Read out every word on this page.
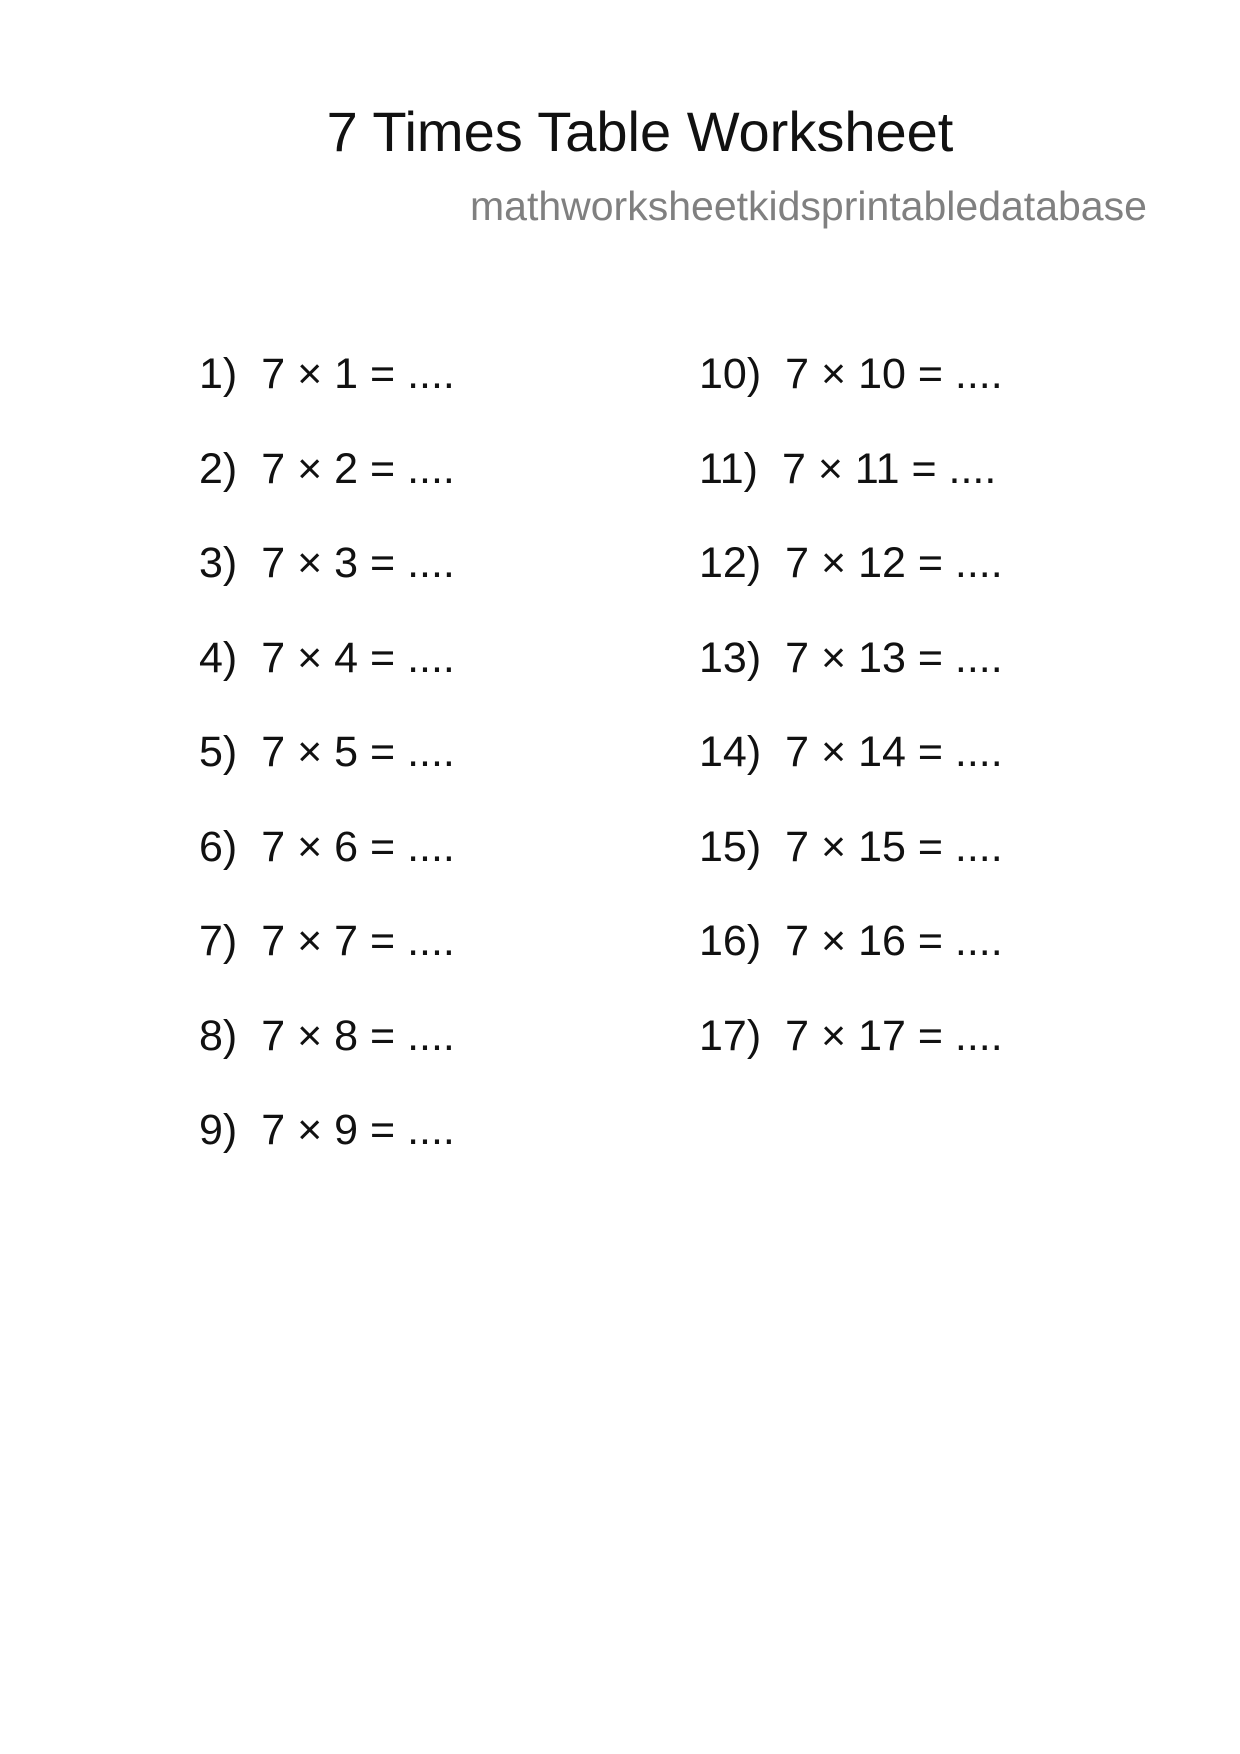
7 Times Table Worksheet
mathworksheetkidsprintabledatabase
1) 7 × 1 = ....
2) 7 × 2 = ....
3) 7 × 3 = ....
4) 7 × 4 = ....
5) 7 × 5 = ....
6) 7 × 6 = ....
7) 7 × 7 = ....
8) 7 × 8 = ....
9) 7 × 9 = ....
10) 7 × 10 = ....
11) 7 × 11 = ....
12) 7 × 12 = ....
13) 7 × 13 = ....
14) 7 × 14 = ....
15) 7 × 15 = ....
16) 7 × 16 = ....
17) 7 × 17 = ....
